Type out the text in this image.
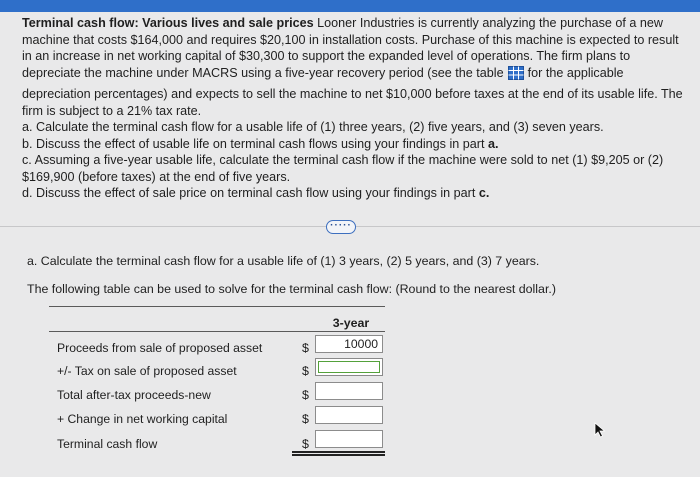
Terminal cash flow: Various lives and sale prices Looner Industries is currently analyzing the purchase of a new machine that costs $164,000 and requires $20,100 in installation costs. Purchase of this machine is expected to result in an increase in net working capital of $30,300 to support the expanded level of operations. The firm plans to depreciate the machine under MACRS using a five-year recovery period (see the table for the applicable

depreciation percentages) and expects to sell the machine to net $10,000 before taxes at the end of its usable life. The firm is subject to a 21% tax rate.

a. Calculate the terminal cash flow for a usable life of (1) three years, (2) five years, and (3) seven years.

b. Discuss the effect of usable life on terminal cash flows using your findings in part a.

c. Assuming a five-year usable life, calculate the terminal cash flow if the machine were sold to net (1) $9,205 or (2) $169,900 (before taxes) at the end of five years.

d. Discuss the effect of sale price on terminal cash flow using your findings in part c.

·····
a. Calculate the terminal cash flow for a usable life of (1) 3 years, (2) 5 years, and (3) 7 years.
The following table can be used to solve for the terminal cash flow: (Round to the nearest dollar.)
3-year
Proceeds from sale of proposed asset	$	10000
+/- Tax on sale of proposed asset	$
Total after-tax proceeds-new	$
+ Change in net working capital	$
Terminal cash flow	$
